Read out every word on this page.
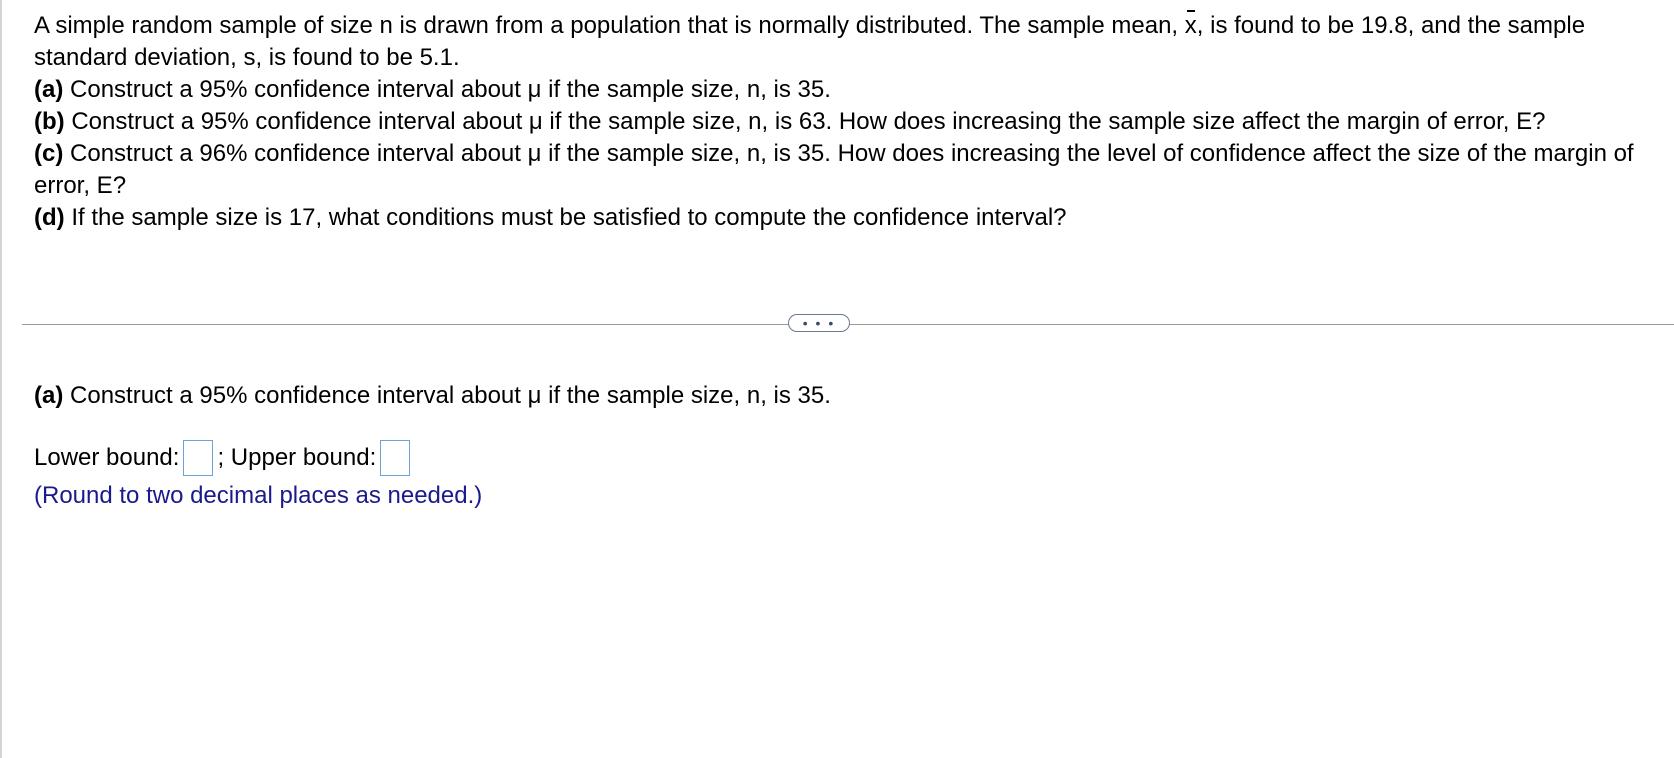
A simple random sample of size n is drawn from a population that is normally distributed. The sample mean, x, is found to be 19.8, and the sample standard deviation, s, is found to be 5.1.

(a) Construct a 95% confidence interval about μ if the sample size, n, is 35.

(b) Construct a 95% confidence interval about μ if the sample size, n, is 63. How does increasing the sample size affect the margin of error, E?

(c) Construct a 96% confidence interval about μ if the sample size, n, is 35. How does increasing the level of confidence affect the size of the margin of error, E?

(d) If the sample size is 17, what conditions must be satisfied to compute the confidence interval?

• • •

(a) Construct a 95% confidence interval about μ if the sample size, n, is 35.

Lower bound: ; Upper bound:

(Round to two decimal places as needed.)
